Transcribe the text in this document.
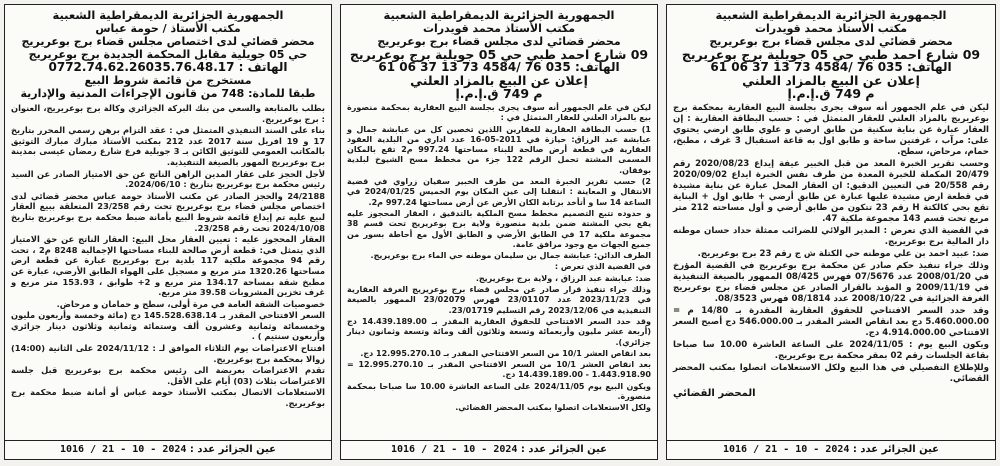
الجمهورية الجزائرية الديمقراطية الشعبية
مكتب الأستاذ محمد قويدرات
محضر قضائي لدى مجلس قضاء برج بوعريريج
09 شارع احمد طبي حي 05 جويلية برج بوعريريج
الهاتف: 035 76 /4584 73 13 37 06 61
إعلان عن البيع بالمزاد العلني
م 749 ق.إ.م.إ

ليكن في علم الجمهور أنه سوف يجرى بجلسة البيع العقارية بمحكمة برج بوعريريج بالمزاد العلني للعقار المتمثل في : حسب البطاقة العقارية : إن العقار عبارة عن بناية سكنية من طابق ارضي و علوي طابق ارضي يحتوي على: مرآب ، غرفتين ساحة و طابق اول به قاعة استقبال 3 غرف ، مطبخ، حمام، مرحاض، سطح.

وحسب تقرير الخبرة المعد من قبل الخبير عيفة إيداع 2020/08/23 رقم 20/479 المكملة للخبرة المعدة من طرف نفس الخبرة ايداع 2020/09/02 رقم 20/558 في التعيين الدقيق: ان العقار المحل عبارة عن بناية مشيدة في قطعة ارض مشيدة عليها عبارة عن طابق أرضي + طابق اول + البناية تقع بحي كالكتة H رقم 23 تتكون من طابق أرضي و أول مساحته 212 متر مربع تحت قسم 143 مجموعة ملكية 47.

في القضية الذي تعرض : المدير الولائي للضرائب ممثلة حداد حسان موطنه دار المالية برج بوعريريج.

ضد: عبيد احمد بن علي موطنه حي الكتلة ش ج رقم 23 برج بوعريريج.

وذلك جراء تنفيذ حكم صادر عن محكمة برج بوعريريج في القضية المؤرخ في 2008/01/20 عدد 07/5676 فهرس 08/425 الممهور بالصيغة التنفيذية في 2009/11/19 و المؤيد بالقرار الصادر عن مجلس قضاء برج بوعريريج الغرفة الجزائية في 2008/10/22 عدد 08/1814 فهرس 08/3523.

وقد حدد السعر الافتتاحي للحقوق العقارية المقدرة بـ 14/80 م = 5.460.000.00 دج بعد انقاص العشر المقدر بـ 546.000.00 دج أصبح السعر الافتتاحي 4.914.000.00 دج.

ويكون البيع يوم : 2024/11/05 على الساعة العاشرة 10.00 سا صباحا بقاعة الجلسات رقم 02 بمقر محكمة برج بوعريريج.

وللإطلاع التفصيلي في هذا البيع ولكل الاستعلامات اتصلوا بمكتب المحضر القضائي.

المحضر القضائي
عين الجزائر عدد : 1016 / 21 - 10 - 2024
الجمهورية الجزائرية الديمقراطية الشعبية
مكتب الأستاذ محمد قويدرات
محضر قضائي لدى مجلس قضاء برج بوعريريج
09 شارع احمد طبي حي 05 جويلية برج بوعريريج
الهاتف: 035 76 /4584 73 13 37 06 61
إعلان عن البيع بالمزاد العلني
م 749 ق.إ.م.إ

ليكن في علم الجمهور أنه سوف يجرى بجلسة البيع العقارية بمحكمة منصورة بيع بالمزاد العلني للعقار المتمثل في :

1) حسب البطاقة العقارية للعقارين اللذين تخصين كل من عبابشة جمال و عبابشة عبد الرزاق: حيازة في 2011-05-16 عدد اداري من البلدية العقود العقارية في قطعة أرض صالحة للبناء مساحتها 997.24 م2 تقع بالمكان المسمى المشتة تحمل الرقم 122 جزء من مخطط مسح الشيوخ لبلدية بوفقان.

2) حسب تقرير الخبرة المعد من طرف الخبير سفيان زراوي في قضية الانتقال و المعاينة : انتقلنا إلى عين المكان يوم الخميس 2024/01/25 في الساعة 14 سا و أتأخد برتابة الكان الأرض عن أرض مساحتها 997.24 م2.

و حدوده تتبع التصميم مخطط مسح الملكية بالتدقيق ، العقار المحجوز عليه يقع بحي المشتة ضمن بلدية منصورة ولاية برج بوعريريج تحت قسم 38 مجموعة ملكية 17 في الطابق الأرضي و الطابق الأول مع أحاطة بسور من جميع الجهات مع وجود مرافق عامة.

الطرف الدائن: عبابشة جمال بن سليمان موطنه حي الماء برج بوعريريج.

في القضية الذي تعرض :

ضد: عبابشة عبد الرزاق ، ولاية برج بوعريريج.

وذلك جراء تنفيذ قرار صادر عن مجلس قضاء برج بوعريريج الغرفة العقارية في 2023/11/23 عدد 23/01107 فهرس 23/02079 الممهور بالصيغة التنفيذية في 2023/12/06 رقم التسليم 23/01719.

وقد حدد السعر الافتتاحي للحقوق العقارية المقدر بـ 14.439.189.00 دج (أربعة عشر مليون وأربعمائة وتسعة وثلاثون ألف ومائة وتسعة وثمانون دينار جزائري).

بعد انقاص العشر 10/1 من السعر الافتتاحي المقدر بـ 12.995.270.10 دج.

بعد انقاص العشر 10/1 من السعر الافتتاحي المقدر بـ 12.995.270.10 = 1.443.918.90 - 14.439.189.00 دج.

ويكون البيع يوم 2024/11/05 على الساعة العاشرة 10.00 سا صباحا بمحكمة منصورة.

ولكل الاستعلامات اتصلوا بمكتب المحضر القضائي.

عين الجزائر عدد : 1016 / 21 - 10 - 2024
الجمهورية الجزائرية الديمقراطية الشعبية
مكتب الأستاذ / حومة عباس
محضر قضائي لدى اختصاص مجلس قضاء برج بوعريريج
حي 05 جويلية مقابل المحكمة الجديدة برج بوعريريج
الهاتف : 0772.74.62.26035.76.48.17
مستخرج من قائمة شروط البيع
طبقا للمادة: 748 من قانون الإجراءات المدنية والإدارية

بطلب بالمتابعة والسعي من بنك البركة الجزائري وكالة برج بوعريريج، العنوان : برج بوعريريج.

بناء على السند التنفيذي المتمثل في : عقد التزام برهن رسمي المحرر بتاريخ 17 و 19 افريل سنة 2017 عدد 212 بمكتب الأستاذ مبارك مبارك التوثيق بالمكاتب العمومي للتوثيق الكائن بـ 3 جويلية فرع شارع رمضان عيسى بمدينة برج بوعريريج المهور بالصيغة التنفيذية.

لأجل الحجز على عقار المدين الراهن الناتج عن حق الامتياز الصادر عن السيد رئيس محكمة برج بوعريريج بتاريخ : 2024/06/10.

24/2188 والحجز الصادر عن مكتب الأستاذ حومة عباس محضر قضائي لدى اختصاص مجلس قضاء برج بوعريريج تحت رقم 23/258 المتعلقة ببيع العقار لبيع عليه تم إيداع قائمة شروط البيع بأمانة ضبط محكمة برج بوعريريج بتاريخ 2024/10/08 تحت رقم 23/258.

العقار المحجوز عليه : تعيين العقار محل البيع: العقار الناتج عن حق الامتياز الذي يتمثل في: قطعة أرض صالحة للبناء مساحتها الإجمالية 8248 م2 ، تحت رقم 94 مجموعة ملكية 117 بلدية برج بوعريريج عبارة عن قطعة ارض مساحتها 1320.26 متر مربع و مسجيل على الهواء الطابق الأرضي، عبارة عن مطبخ شقة بمساحة 134.17 متر مربع و 2+ طوابق ، 153.93 متر مربع و غرف تخزين المشروبات 39.58 متر مربع.

خصوصيات الشقة العامة في مرة أولى، سطح و حمامان و مرحاض.

السعر الافتتاحي المقدر بـ 145.528.638.14 دج (مائة وخمسة وأربعون مليون وخمسمائة وثمانية وعشرون ألف وستمائة وثمانية وثلاثون دينار جزائري وأربعون سنتيم ) .

افتتاح الاعتراضات يوم الثلاثاء الموافق لـ : 2024/11/12 على الثانية (14:00) زوالا بمحكمة برج بوعريريج.

تقدم الاعتراضات بعريضة الى رئيس محكمة برج بوعريريج قبل جلسة الاعتراضات بثلاث (03) أيام على الأقل.

الاستعلامات الاتصال بمكتب الأستاذ حومة عباس أو أمانة ضبط محكمة برج بوعريريج.

عين الجزائر عدد : 1016 / 21 - 10 - 2024
